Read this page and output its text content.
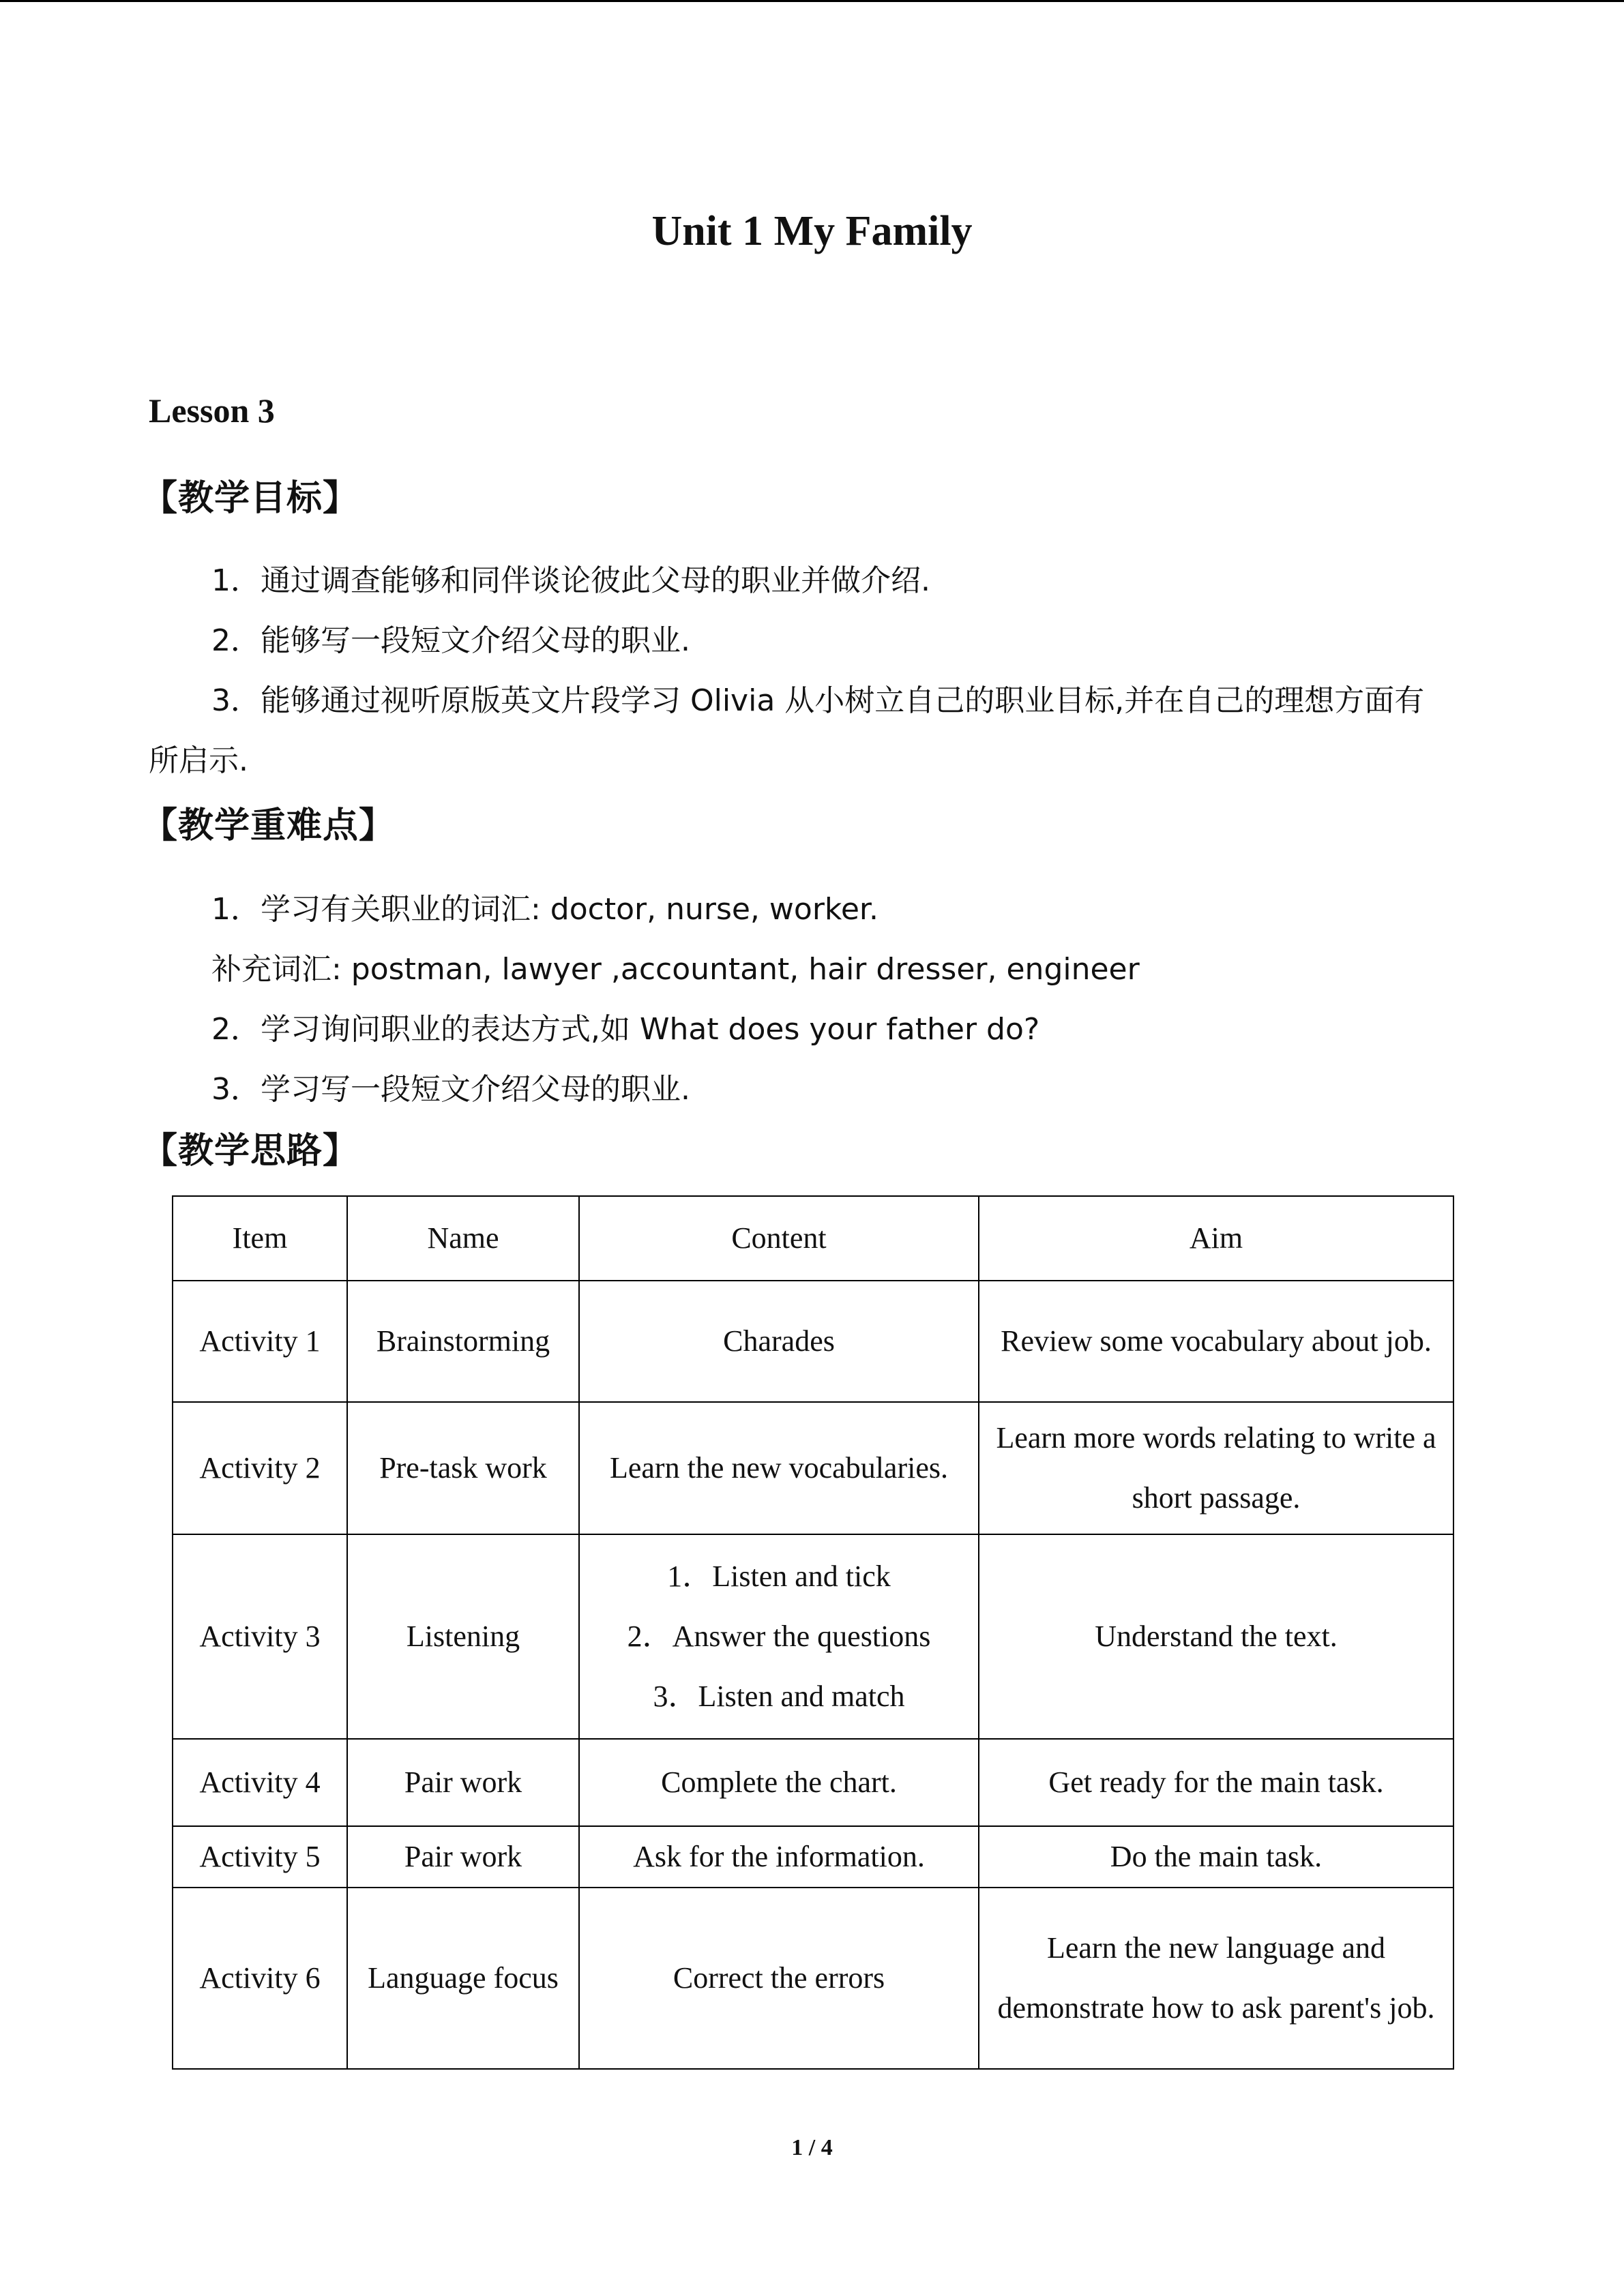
Unit 1 My Family
Lesson 3
【教学目标】
1．通过调查能够和同伴谈论彼此父母的职业并做介绍.
2．能够写一段短文介绍父母的职业.
3．能够通过视听原版英文片段学习 Olivia 从小树立自己的职业目标,并在自己的理想方面有所启示.
【教学重难点】
1．学习有关职业的词汇: doctor, nurse, worker.
补充词汇: postman, lawyer ,accountant, hair dresser, engineer
2．学习询问职业的表达方式,如 What does your father do?
3．学习写一段短文介绍父母的职业.
【教学思路】
Item	Name	Content	Aim
Activity 1	Brainstorming	Charades	Review some vocabulary about job.
Activity 2	Pre-task work	Learn the new vocabularies.	Learn more words relating to write a short passage.
Activity 3	Listening	1．Listen and tick
2．Answer the questions
3．Listen and match	Understand the text.
Activity 4	Pair work	Complete the chart.	Get ready for the main task.
Activity 5	Pair work	Ask for the information.	Do the main task.
Activity 6	Language focus	Correct the errors	Learn the new language and demonstrate how to ask parent's job.
1 / 4
